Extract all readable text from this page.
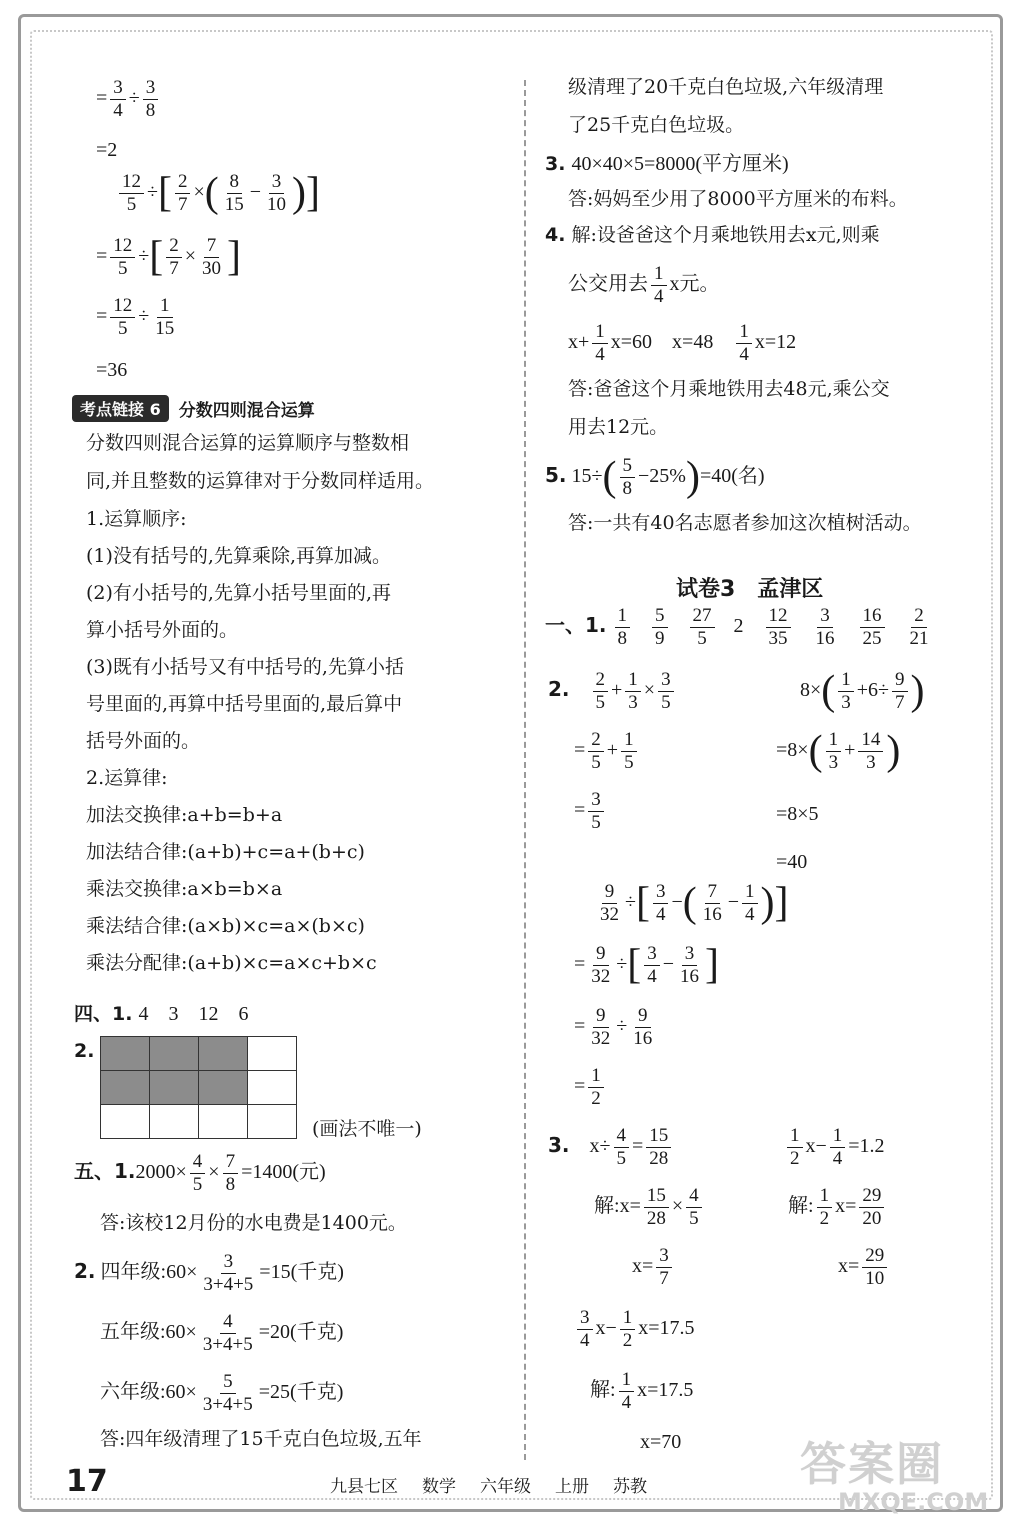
= $\frac{3}{4} \div \frac{3}{8}$
=2
$\frac{12}{5}$ ÷[ $\frac{2}{7}$ ×( $\frac{8}{15} - \frac{3}{10}$ )]
= $\frac{12}{5}$ ÷[ $\frac{2}{7} \times \frac{7}{30}$ ]
= $\frac{12}{5} \div \frac{1}{15}$
=36
考点链接 6	分数四则混合运算
分数四则混合运算的运算顺序与整数相
同,并且整数的运算律对于分数同样适用。
1.运算顺序:
(1)没有括号的,先算乘除,再算加减。
(2)有小括号的,先算小括号里面的,再
算小括号外面的。
(3)既有小括号又有中括号的,先算小括
号里面的,再算中括号里面的,最后算中
括号外面的。
2.运算律:
加法交换律:a+b=b+a
加法结合律:(a+b)+c=a+(b+c)
乘法交换律:a×b=b×a
乘法结合律:(a×b)×c=a×(b×c)
乘法分配律:(a+b)×c=a×c+b×c
四、1. 4　3　12　6
2.

(画法不唯一)
五、$1.2000\times \frac{4}{5} \times \frac{7}{8} =1400$(元)
答:该校12月份的水电费是1400元。
2. 四年级:60× $\frac{3}{3+4+5} =15$(千克)
五年级:60× $\frac{4}{3+4+5} =20$(千克)
六年级:60× $\frac{5}{3+4+5} =25$(千克)
答:四年级清理了15千克白色垃圾,五年
级清理了20千克白色垃圾,六年级清理
了25千克白色垃圾。
3. 40×40×5=8000(平方厘米)
答:妈妈至少用了8000平方厘米的布料。
4. 解:设爸爸这个月乘地铁用去x元,则乘
公交用去 $\frac{1}{4}$ x元。
$x+ \frac{1}{4} x=60$　x=48　 $\frac{1}{4} x=12$
答:爸爸这个月乘地铁用去48元,乘公交
用去12元。
5. $15\div( \frac{5}{8} -25\%)=40$(名)
答:一共有40名志愿者参加这次植树活动。
试卷3　孟津区
一、1. $\frac{1}{8}$
$\frac{5}{9}$
$\frac{27}{5} 2 \frac{12}{35}$
$\frac{3}{16}$
$\frac{16}{25}$
$\frac{2}{21}$
2.　 $\frac{2}{5} + \frac{1}{3} \times \frac{3}{5}$
= $\frac{2}{5} + \frac{1}{5}$
= $\frac{3}{5}$
$8\times( \frac{1}{3} +6\div \frac{9}{7}$ )
$=8\times( \frac{1}{3} + \frac{14}{3}$ )
=8×5
=40
$\frac{9}{32}$ ÷[ $\frac{3}{4}$ −( $\frac{7}{16} - \frac{1}{4}$ )]
= $\frac{9}{32}$ ÷[ $\frac{3}{4} - \frac{3}{16}$ ]
= $\frac{9}{32} \div \frac{9}{16}$
= $\frac{1}{2}$
3.　$x\div \frac{4}{5} = \frac{15}{28}$
解:x= $\frac{15}{28} \times \frac{4}{5}$
$x= \frac{3}{7}$
$\frac{1}{2} x- \frac{1}{4} =1.2$
解: $\frac{1}{2} x= \frac{29}{20}$
$x= \frac{29}{10}$
$\frac{3}{4} x- \frac{1}{2} x=17.5$
解: $\frac{1}{4} x=17.5$
x=70
17	九县七区 数学 六年级 上册 苏教	答案圈
MXQE.COM
